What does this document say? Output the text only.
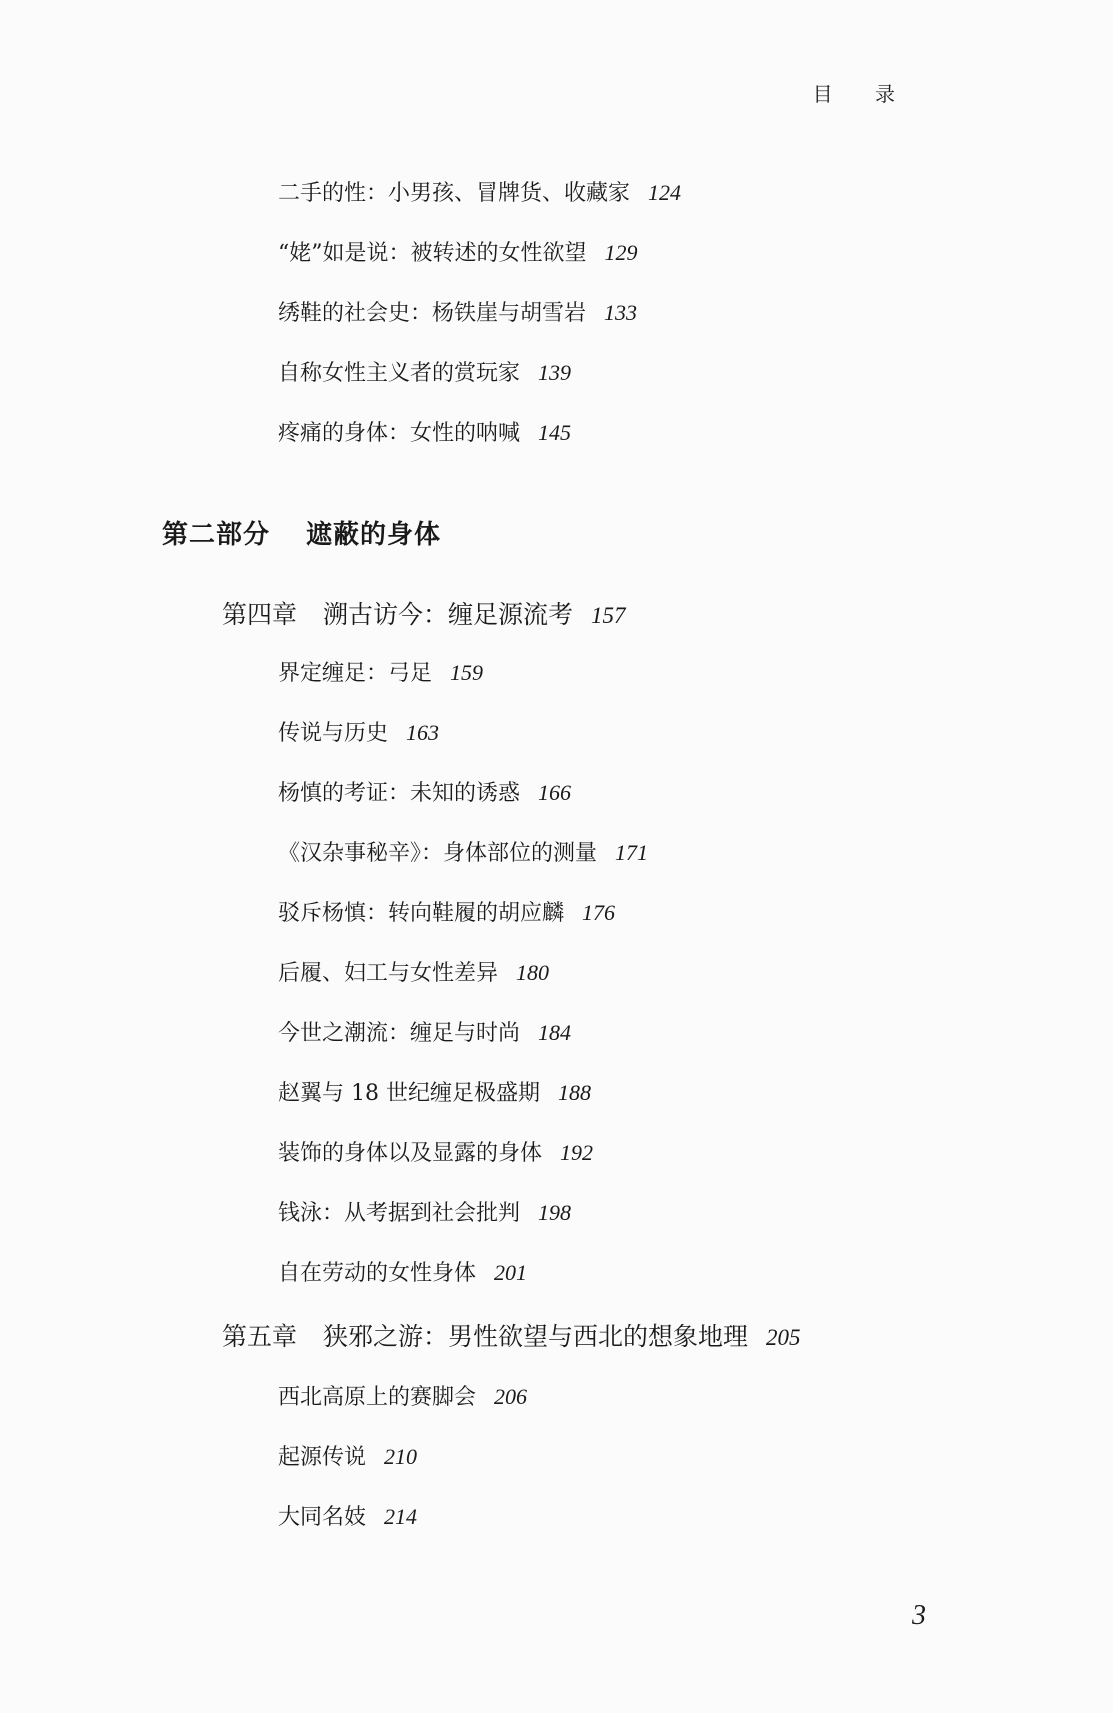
目 录
二手的性：小男孩、冒牌货、收藏家 124
“姥”如是说：被转述的女性欲望 129
绣鞋的社会史：杨铁崖与胡雪岩 133
自称女性主义者的赏玩家 139
疼痛的身体：女性的呐喊 145
第二部分 遮蔽的身体
第四章 溯古访今：缠足源流考 157
界定缠足：弓足 159
传说与历史 163
杨慎的考证：未知的诱惑 166
《汉杂事秘辛》：身体部位的测量 171
驳斥杨慎：转向鞋履的胡应麟 176
后履、妇工与女性差异 180
今世之潮流：缠足与时尚 184
赵翼与 18 世纪缠足极盛期 188
装饰的身体以及显露的身体 192
钱泳：从考据到社会批判 198
自在劳动的女性身体 201
第五章 狭邪之游：男性欲望与西北的想象地理 205
西北高原上的赛脚会 206
起源传说 210
大同名妓 214
3
